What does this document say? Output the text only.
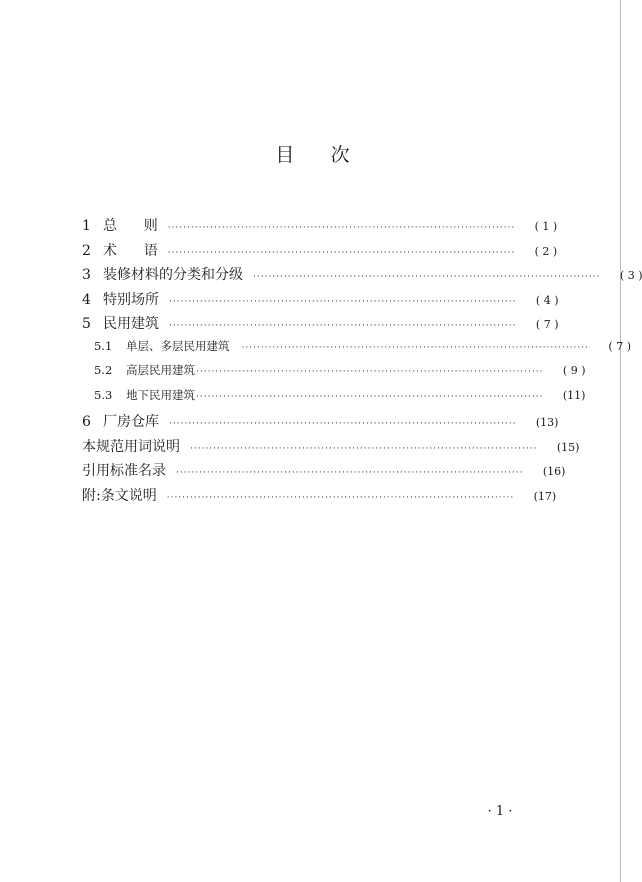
目      次
1 总      则 ··························································································	( 1 )
2 术      语 ··························································································	( 2 )
3 装修材料的分类和分级 ··························································································	( 3 )
4 特别场所 ··························································································	( 4 )
5 民用建筑 ··························································································	( 7 )
5.1	单层、多层民用建筑 ··························································································	( 7 )
5.2	高层民用建筑 ··························································································	( 9 )
5.3	地下民用建筑 ··························································································	(11)
6 厂房仓库 ··························································································	(13)
本规范用词说明 ··························································································	(15)
引用标准名录 ··························································································	(16)
附:条文说明 ··························································································	(17)
· 1 ·
